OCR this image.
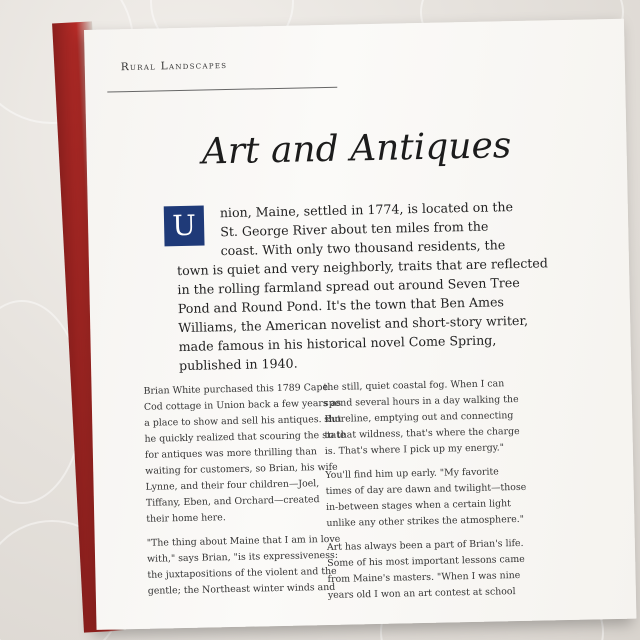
Rural Landscapes
Art and Antiques
U	nion, Maine, settled in 1774, is located on the
St. George River about ten miles from the
coast. With only two thousand residents, the
town is quiet and very neighborly, traits that are reflected
in the rolling farmland spread out around Seven Tree
Pond and Round Pond. It's the town that Ben Ames
Williams, the American novelist and short-story writer,
made famous in his historical novel Come Spring,
published in 1940.
Brian White purchased this 1789 Cape
Cod cottage in Union back a few years as
a place to show and sell his antiques. But
he quickly realized that scouring the state
for antiques was more thrilling than
waiting for customers, so Brian, his wife
Lynne, and their four children—Joel,
Tiffany, Eben, and Orchard—created
their home here.
"The thing about Maine that I am in love
with," says Brian, "is its expressiveness:
the juxtapositions of the violent and the
gentle; the Northeast winter winds and
the still, quiet coastal fog. When I can
spend several hours in a day walking the
shoreline, emptying out and connecting
to that wildness, that's where the charge
is. That's where I pick up my energy."
You'll find him up early. "My favorite
times of day are dawn and twilight—those
in-between stages when a certain light
unlike any other strikes the atmosphere."
Art has always been a part of Brian's life.
Some of his most important lessons came
from Maine's masters. "When I was nine
years old I won an art contest at school
